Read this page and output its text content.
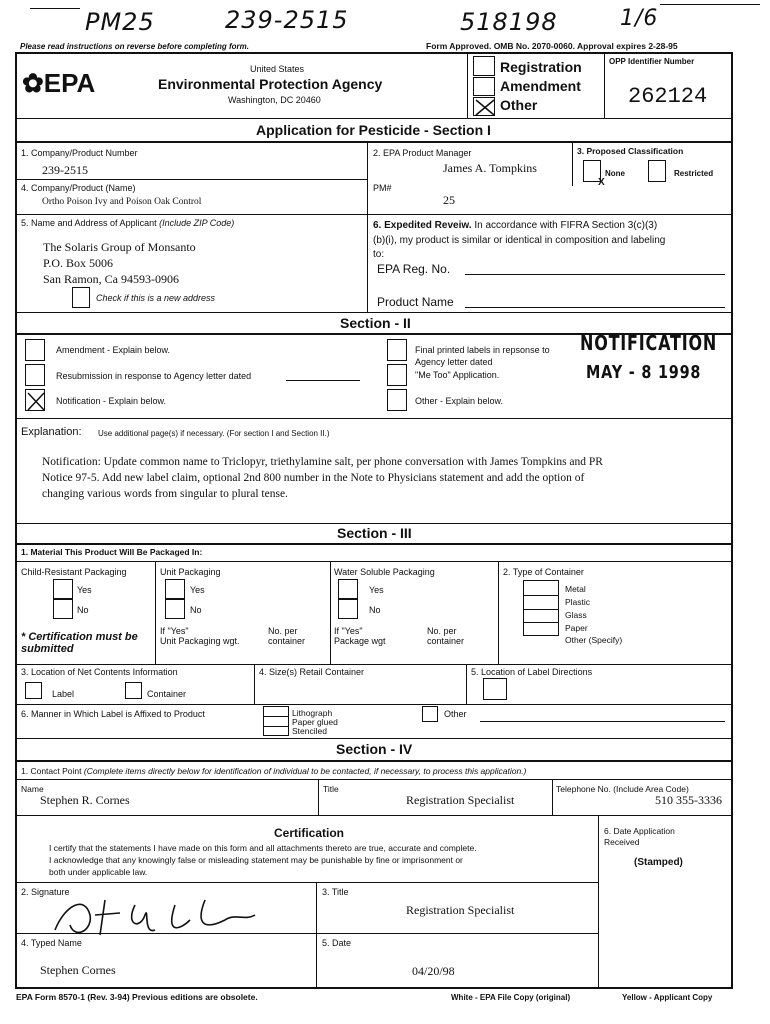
PM25	239-2515	518198	1/6
Please read instructions on reverse before completing form.	Form Approved. OMB No. 2070-0060. Approval expires 2-28-95
✿EPA	United States
Environmental Protection Agency
Washington, DC 20460
Registration
Amendment
Other
OPP Identifier Number
262124
Application for Pesticide - Section I
1. Company/Product Number
239-2515
2. EPA Product Manager
James A. Tompkins
3. Proposed Classification
X
None	Restricted
4. Company/Product (Name)
Ortho Poison Ivy and Poison Oak Control
PM#
25
5. Name and Address of Applicant (Include ZIP Code)
The Solaris Group of Monsanto
P.O. Box 5006
San Ramon, Ca 94593-0906
Check if this is a new address
6. Expedited Reveiw. In accordance with FIFRA Section 3(c)(3)
(b)(i), my product is similar or identical in composition and labeling
to:
EPA Reg. No.
Product Name
Section - II
Amendment - Explain below.
Resubmission in response to Agency letter dated
Notification - Explain below.
Final printed labels in repsonse to
Agency letter dated
"Me Too" Application.
Other - Explain below.
NOTIFICATION
MAY - 8 1998
Explanation: Use additional page(s) if necessary. (For section I and Section II.)
Notification: Update common name to Triclopyr, triethylamine salt, per phone conversation with James Tompkins and PR
Notice 97-5. Add new label claim, optional 2nd 800 number in the Note to Physicians statement and add the option of
changing various words from singular to plural tense.
Section - III
1. Material This Product Will Be Packaged In:
Child-Resistant Packaging	Unit Packaging	Water Soluble Packaging	2. Type of Container
Yes
No
Yes
No
Yes
No
* Certification must be submitted
If "Yes"
Unit Packaging wgt.
No. per
container
If "Yes"
Package wgt
No. per
container
Metal
Plastic
Glass
Paper
Other (Specify)
3. Location of Net Contents Information
Label	Container
4. Size(s) Retail Container	5. Location of Label Directions
6. Manner in Which Label is Affixed to Product	Lithograph
Paper glued
Stenciled
Other
Section - IV
1. Contact Point (Complete items directly below for identification of individual to be contacted, if necessary, to process this application.)
Name
Stephen R. Cornes
Title
Registration Specialist
Telephone No. (Include Area Code)
510 355-3336
Certification
I certify that the statements I have made on this form and all attachments thereto are true, accurate and complete.
I acknowledge that any knowingly false or misleading statement may be punishable by fine or imprisonment or
both under applicable law.
6. Date Application Received
(Stamped)
2. Signature	3. Title
Registration Specialist
4. Typed Name
Stephen Cornes
5. Date
04/20/98
EPA Form 8570-1 (Rev. 3-94) Previous editions are obsolete.	White - EPA File Copy (original)	Yellow - Applicant Copy
